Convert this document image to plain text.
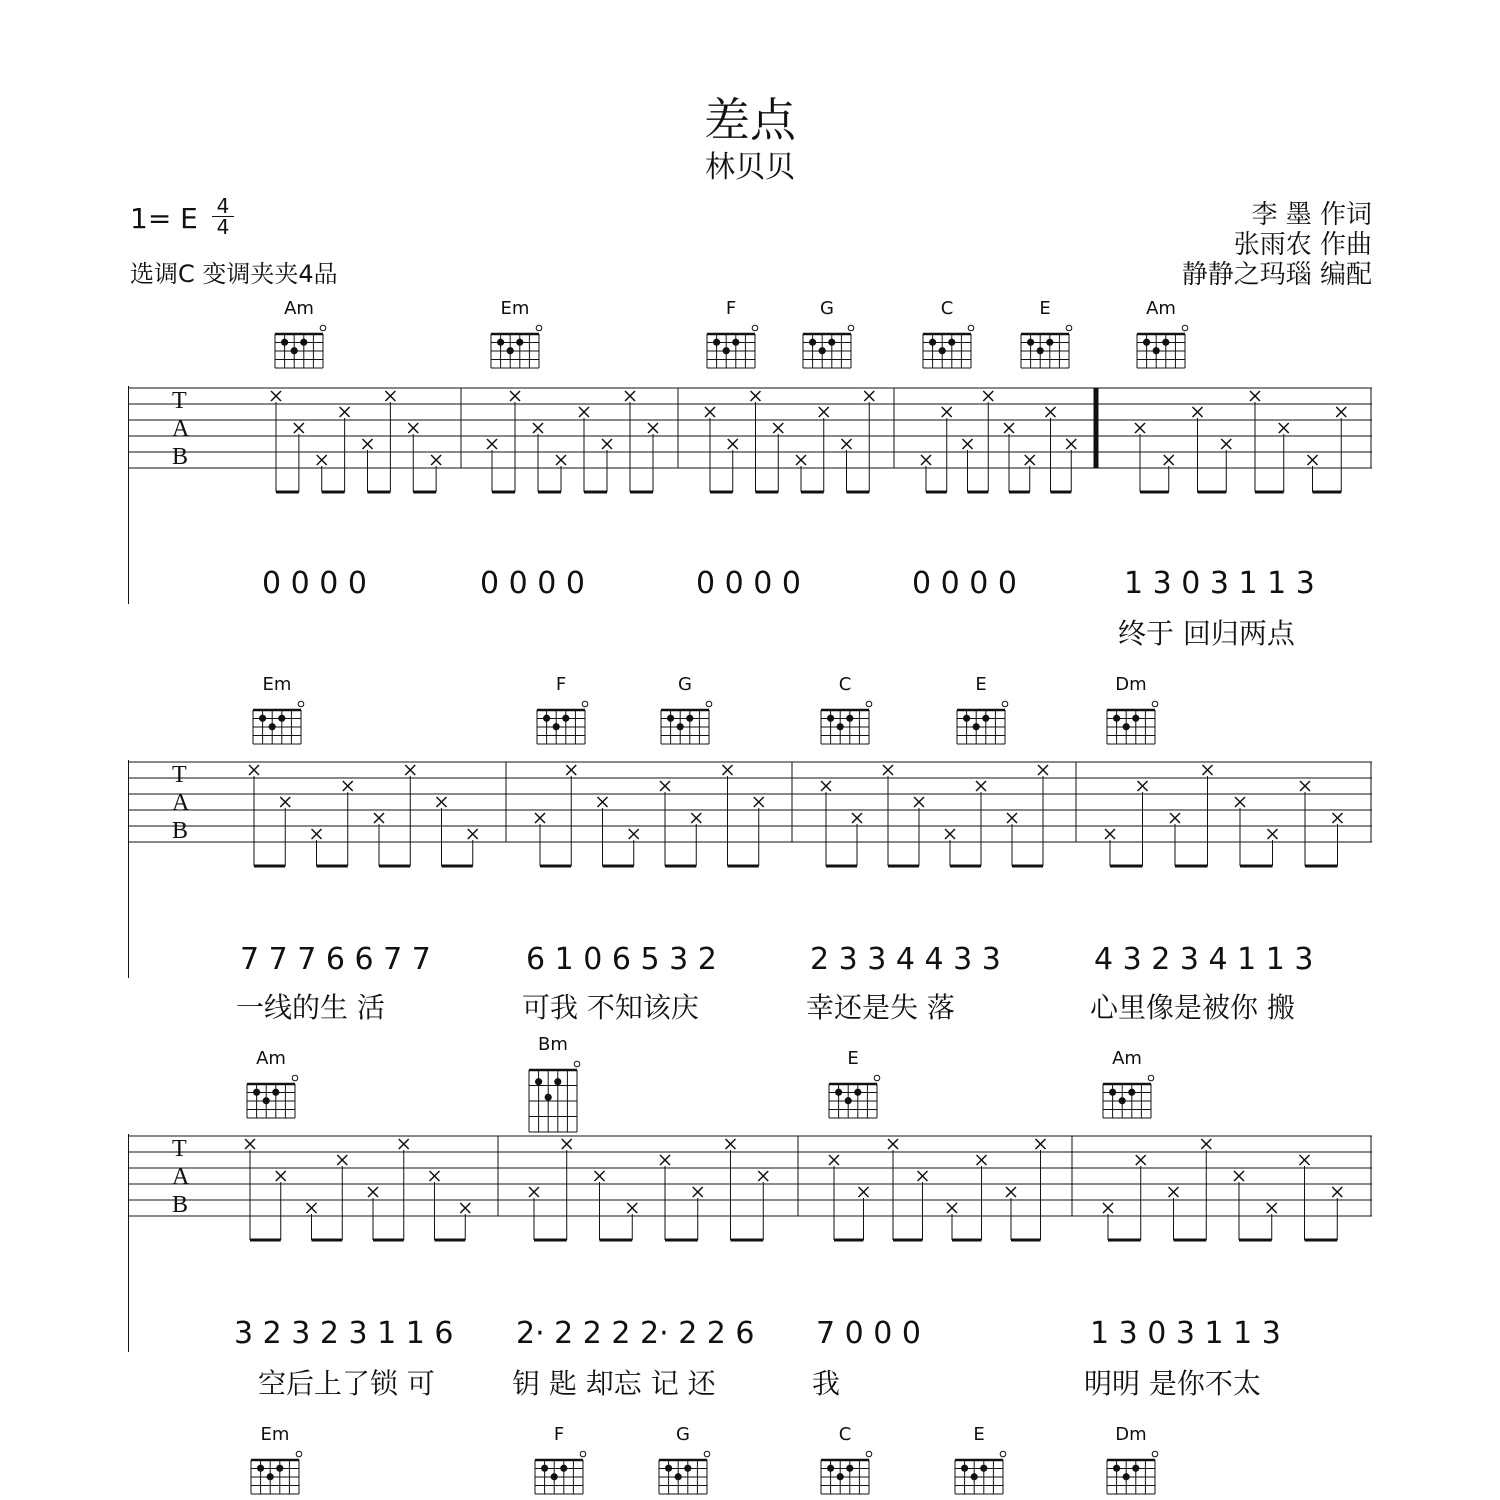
差点
林贝贝
1= E 4
4
选调C 变调夹夹4品
李 墨 作词
张雨农 作曲
静静之玛瑙 编配
Am	Em	F	G	C	E	Am
T
A
B
0 0 0 0	0 0 0 0	0 0 0 0	0 0 0 0	1 3 0 3 1 1 3
终于 回归两点
Em	F	G	C	E	Dm
T
A
B
7 7 7 6 6 7 7	6 1 0 6 5 3 2	2 3 3 4 4 3 3	4 3 2 3 4 1 1 3
一线的生 活	可我 不知该庆	幸还是失 落	心里像是被你 搬
Am
Bm
E	Am
T
A
B
3 2 3 2 3 1 1 6 2· 2 2 2 2· 2 2 6 7 0 0 0	1 3 0 3 1 1 3
空后上了锁 可	钥 匙 却忘 记 还	我	明明 是你不太
Em	F	G	C	E	Dm
